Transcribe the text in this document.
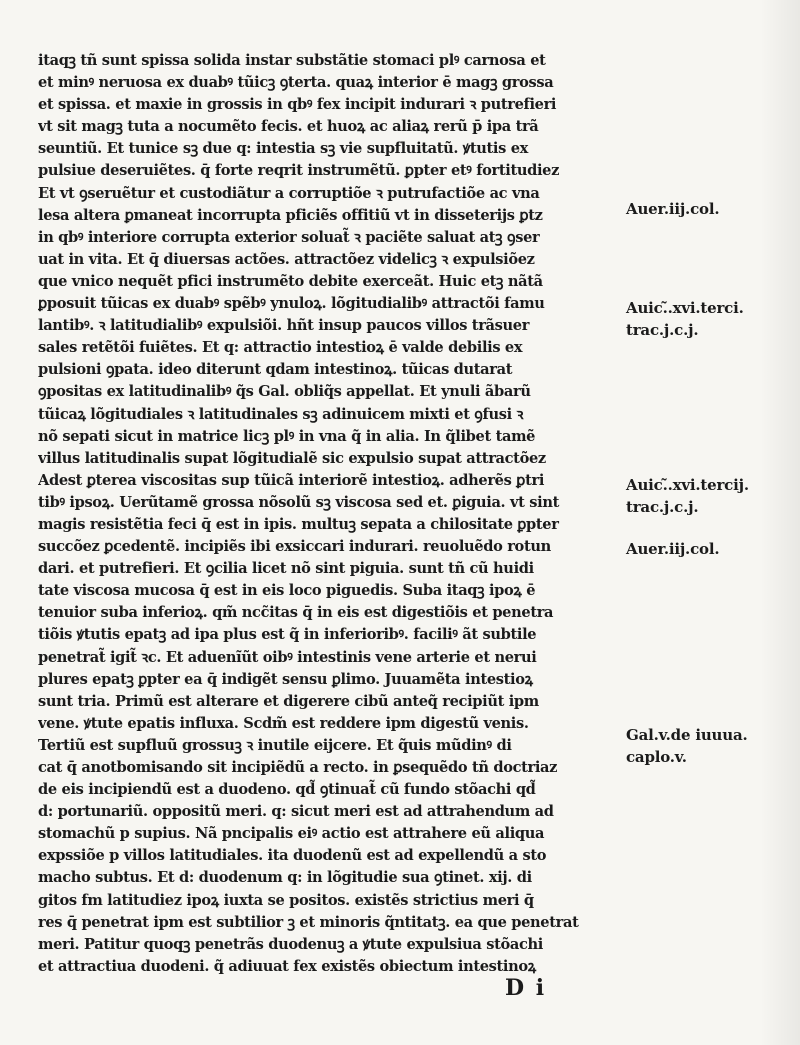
itaqꝫ tñ sunt spissa solida instar substãtie stomaci plꝰ carnosa et
et minꝰ neruosa ex duabꝰ tũicꝫ ꝯterta. quaꝝ interior ē magꝫ grossa
et spissa. et maxie in grossis in qbꝰ fex incipit indurari ꝛ putrefieri
vt sit magꝫ tuta a nocumẽto fecis. et huoꝝ ac aliaꝝ rerũ p̄ ipa trã
seuntiũ. Et tunice sꝫ due q: intestia sꝫ vie supfluitatũ. ꝟtutis ex
pulsiue deseruiẽtes. q̄ forte reqrit instrumẽtũ. ꝑpter etꝰ fortitudiez
Et vt ꝯseruẽtur et custodiãtur a corruptiõe ꝛ putrufactiõe ac vna
lesa altera ꝑmaneat incorrupta pficiẽs offitiũ vt in disseterijs ꝑtz
in qbꝰ interiore corrupta exterior soluat̃ ꝛ paciẽte saluat atꝫ ꝯser
uat in vita. Et q̄ diuersas actões. attractõez videlicꝫ ꝛ expulsiõez
que vnico nequẽt pfici instrumẽto debite exerceãt. Huic etꝫ nãtã
ꝑposuit tũicas ex duabꝰ spẽbꝰ ynuloꝝ. lõgitudialibꝰ attractõi famu
lantibꝰ. ꝛ latitudialibꝰ expulsiõi. hñt insup paucos villos trãsuer
sales retẽtõi fuiẽtes. Et q: attractio intestioꝝ ē valde debilis ex
pulsioni ꝯpata. ideo diterunt qdam intestinoꝝ. tũicas dutarat
ꝯpositas ex latitudinalibꝰ q̃s Gal. obliq̃s appellat. Et ynuli ãbarũ
tũicaꝝ lõgitudiales ꝛ latitudinales sꝫ adinuicem mixti et ꝯfusi ꝛ
nõ sepati sicut in matrice licꝫ plꝰ in vna q̃ in alia. In q̃libet tamẽ
villus latitudinalis supat lõgitudialẽ sic expulsio supat attractõez
Adest ꝑterea viscositas sup tũicã interiorẽ intestioꝝ. adherẽs ꝑtri
tibꝰ ipsoꝝ. Uerũtamẽ grossa nõsolũ sꝫ viscosa sed et. ꝑiguia. vt sint
magis resistẽtia feci q̄ est in ipis. multuꝫ sepata a chilositate ꝑpter
succõez ꝑcedentẽ. incipiẽs ibi exsiccari indurari. reuoluẽdo rotun
dari. et putrefieri. Et ꝯcilia licet nõ sint piguia. sunt tñ cũ huidi
tate viscosa mucosa q̄ est in eis loco piguedis. Suba itaqꝫ ipoꝝ ē
tenuior suba inferioꝝ. qm̃ ncc̃itas q̄ in eis est digestiõis et penetra
tiõis ꝟtutis epatꝫ ad ipa plus est q̃ in inferioribꝰ. faciliꝰ ãt subtile
penetrat̃ igit̃ ꝛc. Et aduenĩũt oibꝰ intestinis vene arterie et nerui
plures epatꝫ ꝑpter ea q̄ indigẽt sensu ꝑlimo. Juuamẽta intestioꝝ
sunt tria. Primũ est alterare et digerere cibũ anteq̃ recipiũt ipm
vene. ꝟtute epatis influxa. Scdm̃ est reddere ipm digestũ venis.
Tertiũ est supfluũ grossuꝫ ꝛ inutile eijcere. Et q̃uis mũdinꝰ di
cat q̄ anotbomisando sit incipiẽdũ a recto. in ꝑsequẽdo tñ doctriaz
de eis incipiendũ est a duodeno. qd̃ ꝯtinuat̃ cũ fundo stõachi qd̃
d: portunariũ. oppositũ meri. q: sicut meri est ad attrahendum ad
stomachũ p supius. Nã pncipalis eiꝰ actio est attrahere eũ aliqua
expssiõe p villos latitudiales. ita duodenũ est ad expellendũ a sto
macho subtus. Et d: duodenum q: in lõgitudie sua ꝯtinet. xij. di
gitos fm latitudiez ipoꝝ iuxta se positos. existẽs strictius meri q̄
res q̄ penetrat ipm est subtilior ꝫ et minoris q̃ntitatꝫ. ea que penetrat
meri. Patitur quoqꝫ penetrãs duodenuꝫ a ꝟtute expulsiua stõachi
et attractiua duodeni. q̃ adiuuat fex existẽs obiectum intestinoꝝ
Auer.iij.col.
Auic.̃.xvi.terci.
trac.j.c.j.
Auic.̃.xvi.tercij.
trac.j.c.j.
Auer.iij.col.
Gal.v.de iuuua.
caplo.v.
D i
